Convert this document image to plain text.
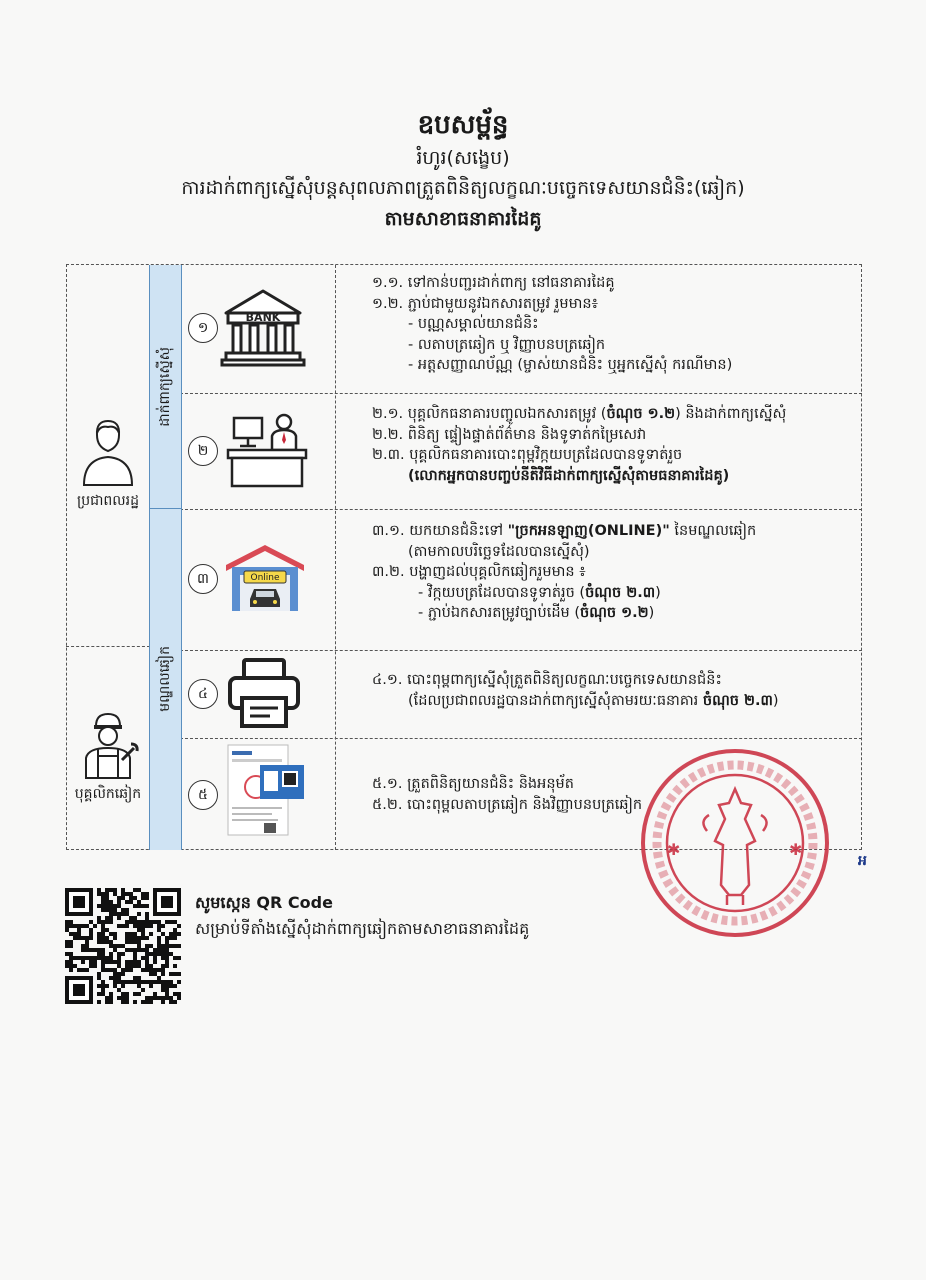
ឧបសម្ព័ន្ធ
រំហូរ(សង្ខេប)
ការដាក់ពាក្យស្នើសុំបន្តសុពលភាពត្រួតពិនិត្យលក្ខណៈបច្ចេកទេសយានជំនិះ(ឆៀក)
តាមសាខាធនាគារដៃគូ
ដាក់ពាក្យស្នើសុំ
មណ្ឌលឆៀក
ប្រជាពលរដ្ឋ
បុគ្គលិកឆៀក
១
២
៣
៤
៥
BANK
Online
១.១. ទៅកាន់បញ្ជរដាក់ពាក្យ នៅធនាគារដៃគូ
១.២. ភ្ជាប់ជាមួយនូវឯកសារតម្រូវ រួមមាន៖
- បណ្ណសម្គាល់យានជំនិះ
- លតាបត្រឆៀក ឬ វិញ្ញាបនបត្រឆៀក
- អត្តសញ្ញាណប័ណ្ណ (ម្ចាស់យានជំនិះ ឬអ្នកស្នើសុំ ករណីមាន)
២.១. បុគ្គលិកធនាគារបញ្ចូលឯកសារតម្រូវ (ចំណុច ១.២) និងដាក់ពាក្យស្នើសុំ
២.២. ពិនិត្យ ផ្ទៀងផ្ទាត់ព័ត៌មាន និងទូទាត់កម្រៃសេវា
២.៣. បុគ្គលិកធនាគារបោះពុម្ពវិក្កយបត្រដែលបានទូទាត់រួច
(លោកអ្នកបានបញ្ចប់នីតិវិធីដាក់ពាក្យស្នើសុំតាមធនាគារដៃគូ)
៣.១. យកយានជំនិះទៅ "ច្រកអនឡាញ(ONLINE)" នៃមណ្ឌលឆៀក
(តាមកាលបរិច្ឆេទដែលបានស្នើសុំ)
៣.២. បង្ហាញដល់បុគ្គលិកឆៀករួមមាន ៖
- វិក្កយបត្រដែលបានទូទាត់រួច (ចំណុច ២.៣)
- ភ្ជាប់ឯកសារតម្រូវច្បាប់ដើម (ចំណុច ១.២)
៤.១. បោះពុម្ពពាក្យស្នើសុំត្រួតពិនិត្យលក្ខណៈបច្ចេកទេសយានជំនិះ
(ដែលប្រជាពលរដ្ឋបានដាក់ពាក្យស្នើសុំតាមរយៈធនាគារ ចំណុច ២.៣)
៥.១. ត្រួតពិនិត្យយានជំនិះ និងអនុម័ត
៥.២. បោះពុម្ពលតាបត្រឆៀក និងវិញ្ញាបនបត្រឆៀក
✱	✱
អ
សូមស្កេន QR Code
សម្រាប់ទីតាំងស្នើសុំដាក់ពាក្យឆៀកតាមសាខាធនាគារដៃគូ
